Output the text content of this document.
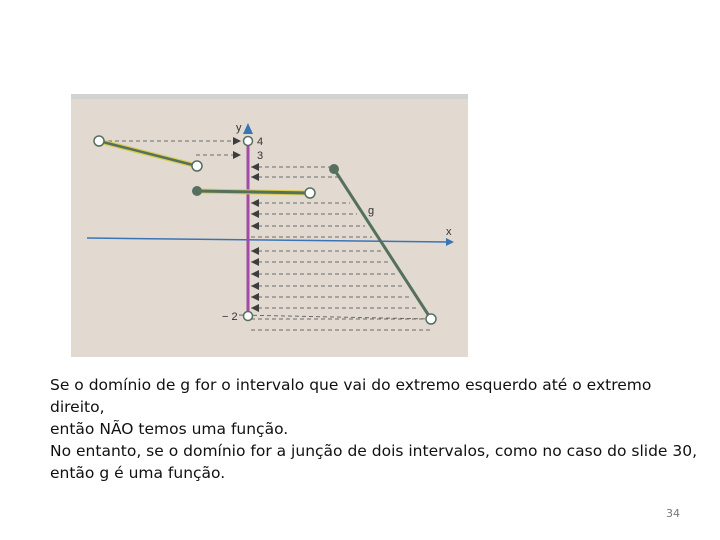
y
x
4
3
− 2
g

Se o domínio de g for o intervalo que vai do extremo esquerdo até o extremo direito,

então NÃO temos uma função.

No entanto, se o domínio for a junção de dois intervalos, como no caso do slide 30,

então g é uma função.

34
